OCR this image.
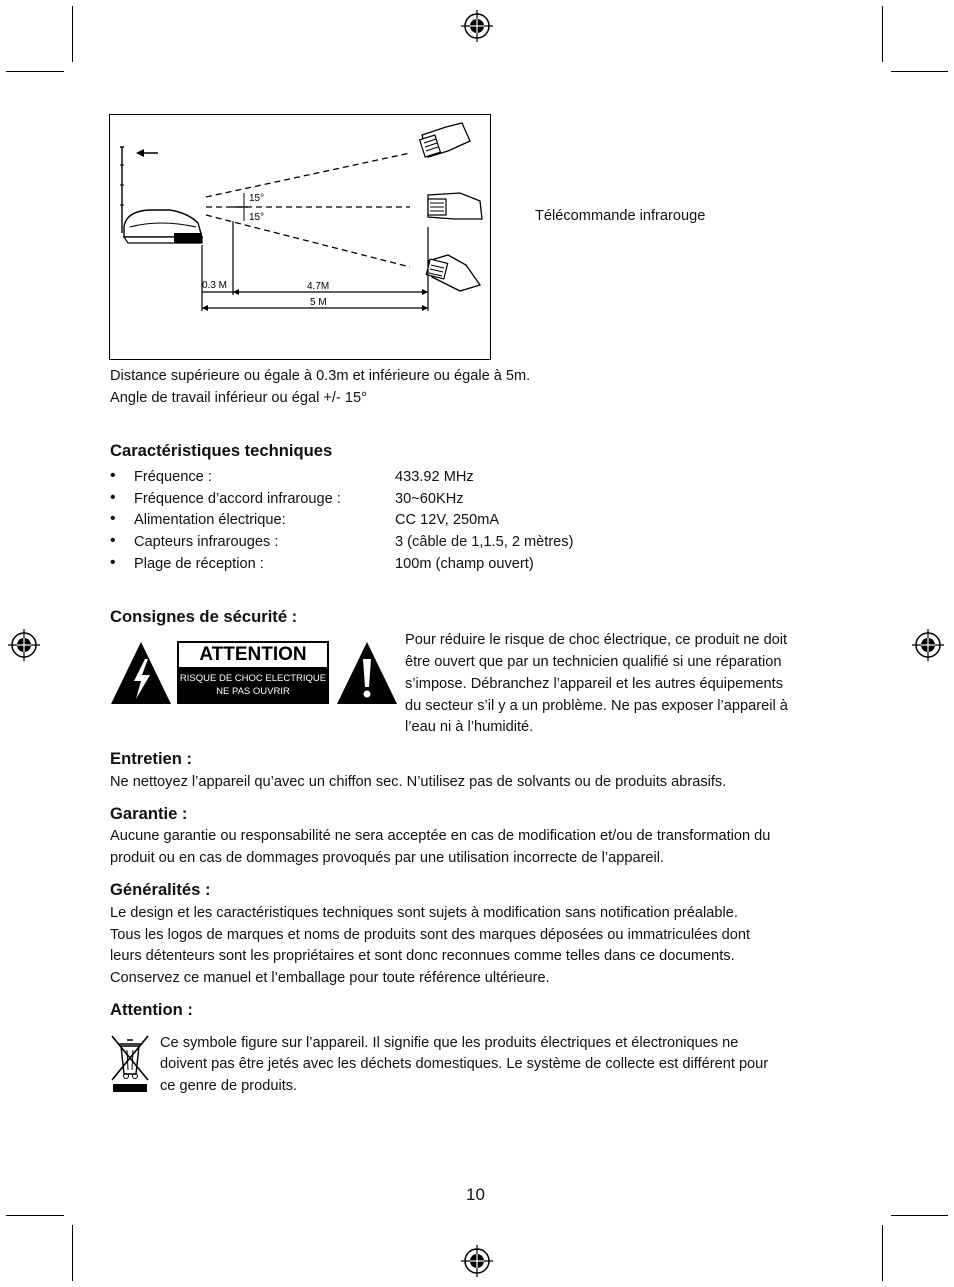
15°
15°
0.3 M	4.7M
5 M
Télécommande infrarouge
Distance supérieure ou égale à 0.3m et inférieure ou égale à 5m.
Angle de travail inférieur ou égal +/- 15°
Caractéristiques techniques
• Fréquence :	433.92 MHz
• Fréquence d’accord infrarouge :	30~60KHz
• Alimentation électrique:	CC 12V, 250mA
• Capteurs infrarouges :	3 (câble de 1,1.5, 2 mètres)
• Plage de réception :	100m (champ ouvert)
Consignes de sécurité :
ATTENTION
RISQUE DE CHOC ELECTRIQUE
NE PAS OUVRIR
Pour réduire le risque de choc électrique, ce produit ne doit
être ouvert que par un technicien qualifié si une réparation
s’impose. Débranchez l’appareil et les autres équipements
du secteur s’il y a un problème. Ne pas exposer l’appareil à
l’eau ni à l’humidité.
Entretien :
Ne nettoyez l’appareil qu’avec un chiffon sec. N’utilisez pas de solvants ou de produits abrasifs.
Garantie :
Aucune garantie ou responsabilité ne sera acceptée en cas de modification et/ou de transformation du
produit ou en cas de dommages provoqués par une utilisation incorrecte de l’appareil.
Généralités :
Le design et les caractéristiques techniques sont sujets à modification sans notification préalable.
Tous les logos de marques et noms de produits sont des marques déposées ou immatriculées dont
leurs détenteurs sont les propriétaires et sont donc reconnues comme telles dans ce documents.
Conservez ce manuel et l’emballage pour toute référence ultérieure.
Attention :
Ce symbole figure sur l’appareil. Il signifie que les produits électriques et électroniques ne
doivent pas être jetés avec les déchets domestiques. Le système de collecte est différent pour
ce genre de produits.
10
